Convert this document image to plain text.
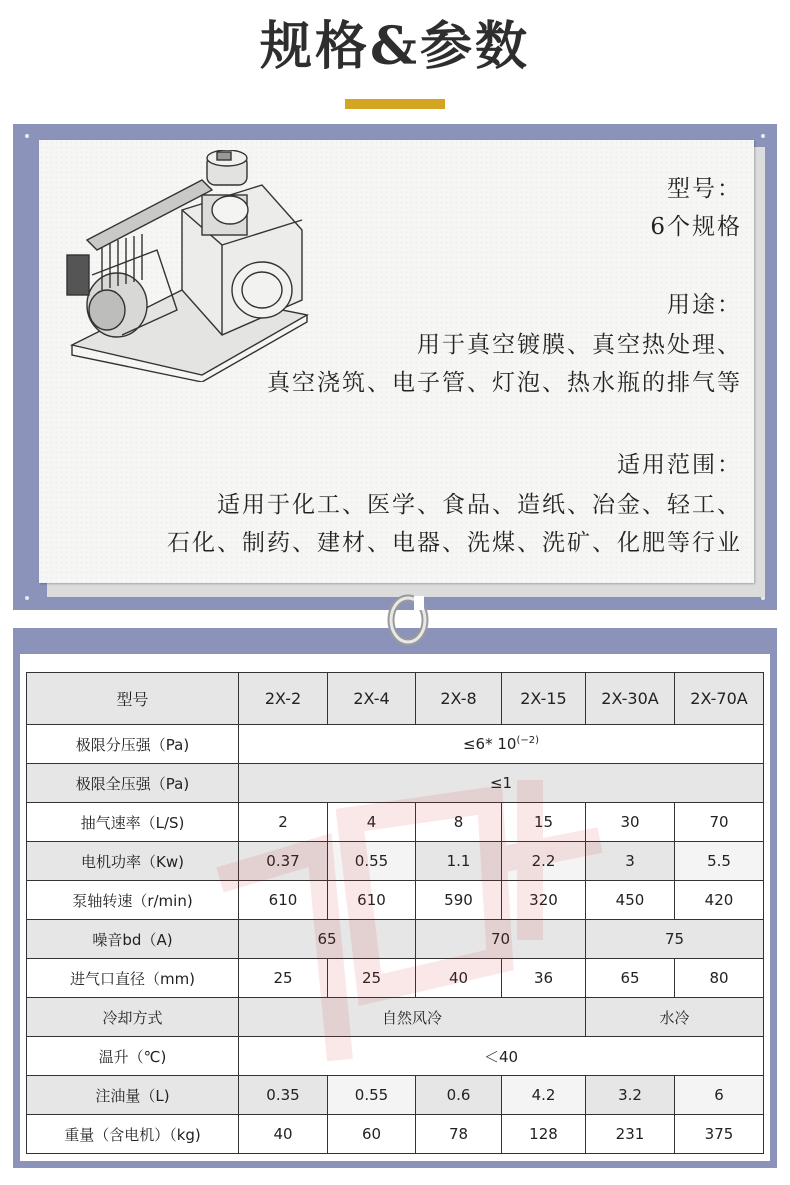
规格&参数
型号：
6个规格
用途：
用于真空镀膜、真空热处理、
真空浇筑、电子管、灯泡、热水瓶的排气等
适用范围：
适用于化工、医学、食品、造纸、冶金、轻工、
石化、制药、建材、电器、洗煤、洗矿、化肥等行业
型号	2X-2	2X-4	2X-8	2X-15	2X-30A	2X-70A
极限分压强（Pa)	≤6* $10^{(-2)}$
极限全压强（Pa)	≤1					
抽气速率（L/S)	2	4	8	15	30	70
电机功率（Kw)	0.37	0.55	1.1	2.2	3	5.5
泵轴转速（r/min)	610	610	590	320	450	420
噪音bd（A)	65		70		75	
进气口直径（mm)	25	25	40	36	65	80
冷却方式	自然风冷				水冷	
温升（℃)	＜40					
注油量（L)	0.35	0.55	0.6	4.2	3.2	6
重量（含电机）（kg)	40	60	78	128	231	375
